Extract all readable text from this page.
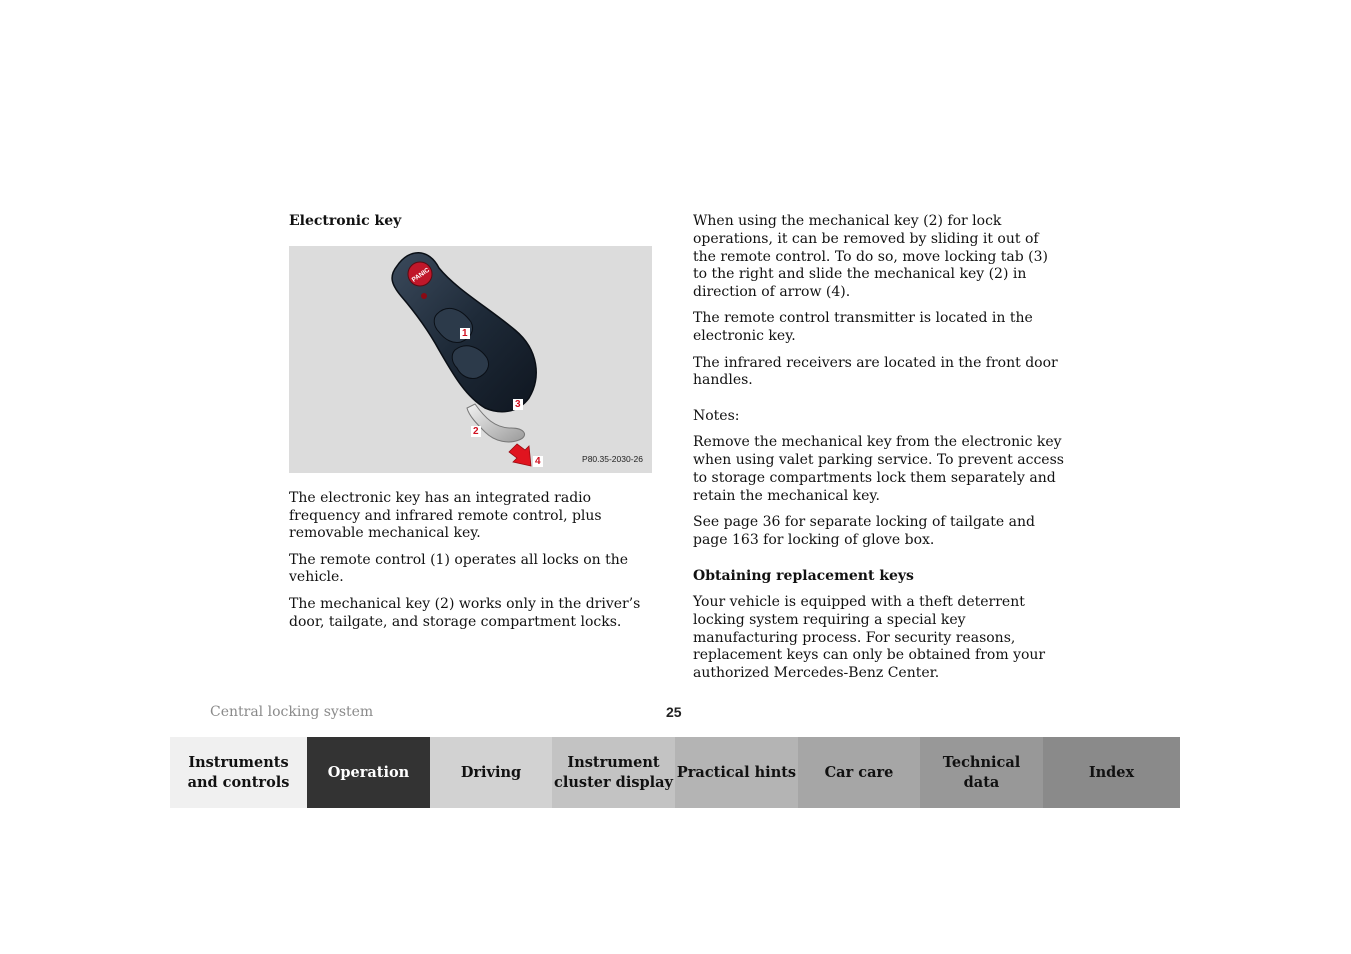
Electronic key
PANIC
1
2
3
4	P80.35-2030-26

The electronic key has an integrated radio frequency and infrared remote control, plus removable mechanical key.

The remote control (1) operates all locks on the vehicle.

The mechanical key (2) works only in the driver’s door, tailgate, and storage compartment locks.

When using the mechanical key (2) for lock operations, it can be removed by sliding it out of the remote control. To do so, move locking tab (3) to the right and slide the mechanical key (2) in direction of arrow (4).

The remote control transmitter is located in the electronic key.

The infrared receivers are located in the front door handles.

Notes:

Remove the mechanical key from the electronic key when using valet parking service. To prevent access to storage compartments lock them separately and retain the mechanical key.

See page 36 for separate locking of tailgate and page 163 for locking of glove box.

Obtaining replacement keys

Your vehicle is equipped with a theft deterrent locking system requiring a special key manufacturing process. For security reasons, replacement keys can only be obtained from your authorized Mercedes-Benz Center.

Central locking system	25
Instruments
and controls
Operation	Driving
Instrument
cluster display
Practical hints	Car care
Technical
data
Index
